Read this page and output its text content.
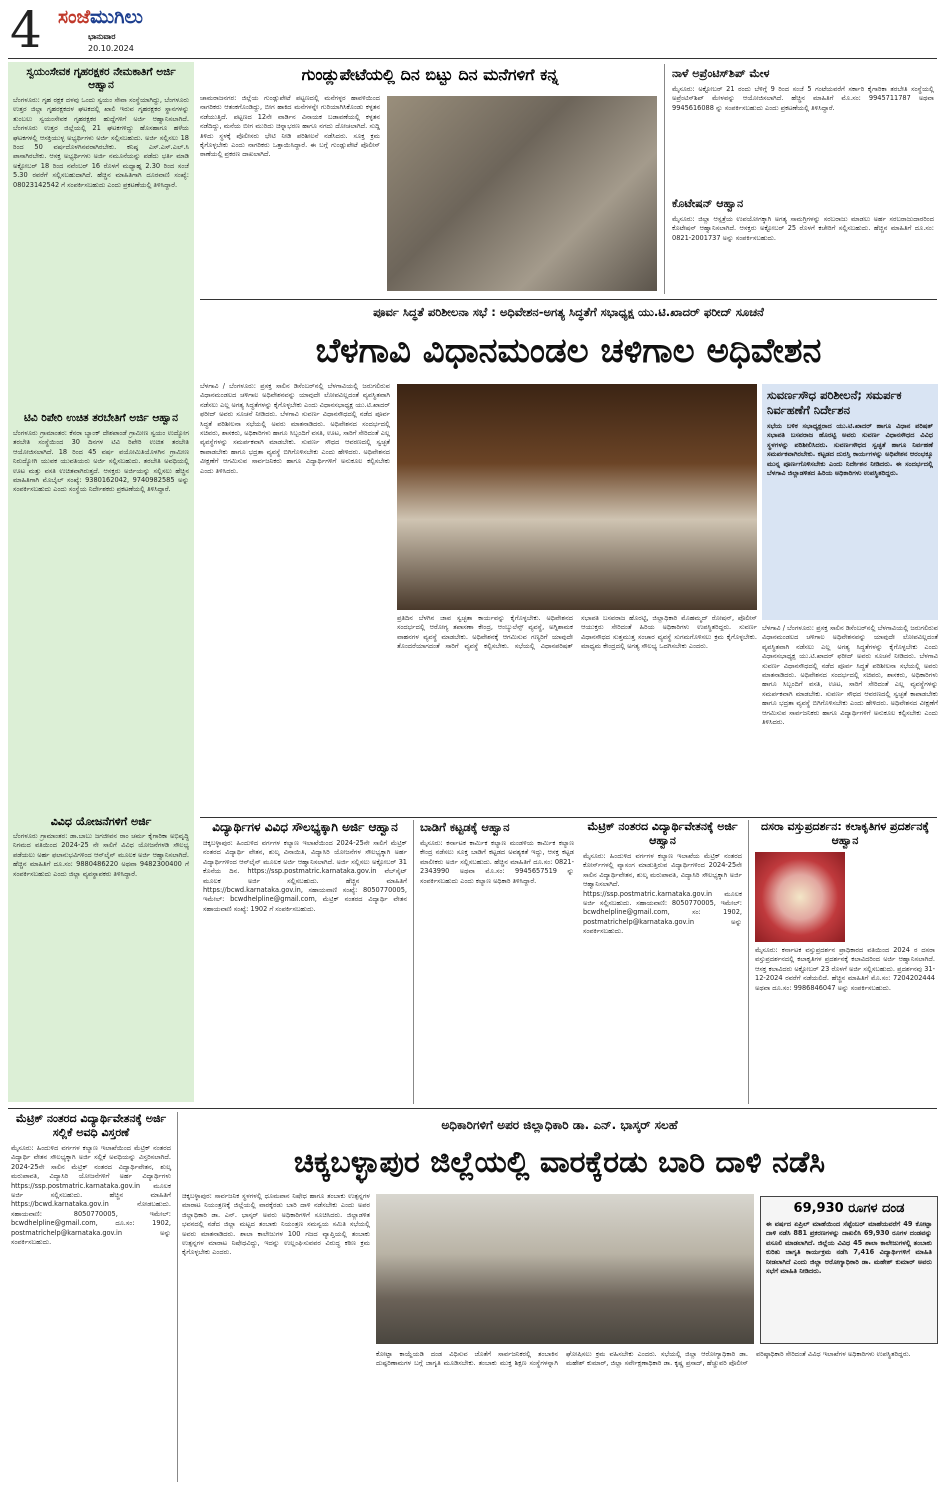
4 ಸಂಜೆಮುಗಿಲು
ಭಾನುವಾರ
20.10.2024
ಸ್ವಯಂಸೇವಕ ಗೃಹರಕ್ಷಕರ ನೇಮಕಾತಿಗೆ ಅರ್ಜಿ ಆಹ್ವಾನ
ಬೆಂಗಳೂರು: ಗೃಹ ರಕ್ಷಕ ದಳವು ಒಂದು ಸ್ವಯಂ ಸೇವಾ ಸಂಸ್ಥೆಯಾಗಿದ್ದು, ಬೆಂಗಳೂರು ಉತ್ತರ ಜಿಲ್ಲಾ ಗೃಹರಕ್ಷಕದಳ ಘಟಕದಲ್ಲಿ ಖಾಲಿ ಇರುವ ಗೃಹರಕ್ಷಕರ ಸ್ಥಾನಗಳನ್ನು ತುಂಬಲು ಸ್ವಯಂಸೇವಕ ಗೃಹರಕ್ಷಕರ ಹುದ್ದೆಗಳಿಗೆ ಅರ್ಜಿ ಆಹ್ವಾನಿಸಲಾಗಿದೆ. ಬೆಂಗಳೂರು ಉತ್ತರ ಜಿಲ್ಲೆಯಲ್ಲಿ 21 ಘಟಕಗಳಿದ್ದು ಹೊಸಹಾಗೂ ಹಳೆಯ ಘಟಕಗಳಲ್ಲಿ ಆಸಕ್ತಿಯುಳ್ಳ ಅಭ್ಯರ್ಥಿಗಳು ಅರ್ಜಿ ಸಲ್ಲಿಸಬಹುದು. ಅರ್ಜಿ ಸಲ್ಲಿಸಲು 18 ರಿಂದ 50 ವರ್ಷದೊಳಗಿನವರಾಗಿರಬೇಕು. ಕನಿಷ್ಠ ಎಸ್.ಎಸ್.ಎಲ್.ಸಿ ಪಾಸಾಗಿರಬೇಕು. ಆಸಕ್ತ ಅಭ್ಯರ್ಥಿಗಳು ಅರ್ಜಿ ನಮೂನೆಯನ್ನು ಪಡೆದು ಭರ್ತಿ ಮಾಡಿ ಅಕ್ಟೋಬರ್ 18 ರಿಂದ ನವೆಂಬರ್ 16 ರೊಳಗೆ ಮಧ್ಯಾಹ್ನ 2.30 ರಿಂದ ಸಂಜೆ 5.30 ರವರೆಗೆ ಸಲ್ಲಿಸಬಹುದಾಗಿದೆ. ಹೆಚ್ಚಿನ ಮಾಹಿತಿಗಾಗಿ ದೂರವಾಣಿ ಸಂಖ್ಯೆ: 08023142542 ಗೆ ಸಂಪರ್ಕಿಸಬಹುದು ಎಂದು ಪ್ರಕಟಣೆಯಲ್ಲಿ ತಿಳಿಸಿದ್ದಾರೆ.
ಟಿವಿ ರಿಪೇರಿ ಉಚಿತ ತರಬೇತಿಗೆ ಅರ್ಜಿ ಆಹ್ವಾನ
ಬೆಂಗಳೂರು ಗ್ರಾಮಾಂತರ: ಕೆನರಾ ಬ್ಯಾಂಕ್ ದೇಶಪಾಂಡೆ ಗ್ರಾಮೀಣ ಸ್ವಯಂ ಉದ್ಯೋಗ ತರಬೇತಿ ಸಂಸ್ಥೆಯಿಂದ 30 ದಿನಗಳ ಟಿವಿ ರಿಪೇರಿ ಉಚಿತ ತರಬೇತಿ ಆಯೋಜಿಸಲಾಗಿದೆ. 18 ರಿಂದ 45 ವರ್ಷ ವಯೋಮಿತಿಯೊಳಗಿನ ಗ್ರಾಮೀಣ ನಿರುದ್ಯೋಗಿ ಯುವಕ ಯುವತಿಯರು ಅರ್ಜಿ ಸಲ್ಲಿಸಬಹುದು. ತರಬೇತಿ ಅವಧಿಯಲ್ಲಿ ಊಟ ಮತ್ತು ವಸತಿ ಉಚಿತವಾಗಿರುತ್ತದೆ. ಆಸಕ್ತರು ಅರ್ಜಿಯನ್ನು ಸಲ್ಲಿಸಲು ಹೆಚ್ಚಿನ ಮಾಹಿತಿಗಾಗಿ ಮೊಬೈಲ್ ಸಂಖ್ಯೆ: 9380162042, 9740982585 ಅನ್ನು ಸಂಪರ್ಕಿಸಬಹುದು ಎಂದು ಸಂಸ್ಥೆಯ ನಿರ್ದೇಶಕರು ಪ್ರಕಟಣೆಯಲ್ಲಿ ತಿಳಿಸಿದ್ದಾರೆ.
ವಿವಿಧ ಯೋಜನೆಗಳಿಗೆ ಅರ್ಜಿ
ಬೆಂಗಳೂರು ಗ್ರಾಮಾಂತರ: ಡಾ.ಬಾಬು ಜಗಜೀವನ ರಾಂ ಚರ್ಮ ಕೈಗಾರಿಕಾ ಅಭಿವೃದ್ಧಿ ನಿಗಮದ ವತಿಯಿಂದ 2024-25 ನೇ ಸಾಲಿಗೆ ವಿವಿಧ ಯೋಜನೆಗಳಡಿ ಸೌಲಭ್ಯ ಪಡೆಯಲು ಅರ್ಹ ಫಲಾನುಭವಿಗಳಿಂದ ಆನ್‌ಲೈನ್ ಮೂಲಕ ಅರ್ಜಿ ಆಹ್ವಾನಿಸಲಾಗಿದೆ. ಹೆಚ್ಚಿನ ಮಾಹಿತಿಗೆ ದೂ.ಸಂ: 9880486220 ಅಥವಾ 9482300400 ಗೆ ಸಂಪರ್ಕಿಸಬಹುದು ಎಂದು ಜಿಲ್ಲಾ ವ್ಯವಸ್ಥಾಪಕರು ತಿಳಿಸಿದ್ದಾರೆ.
ಗುಂಡ್ಲುಪೇಟೆಯಲ್ಲಿ ದಿನ ಬಿಟ್ಟು ದಿನ ಮನೆಗಳಿಗೆ ಕನ್ನ
ಚಾಮರಾಜನಗರ: ಜಿಲ್ಲೆಯ ಗುಂಡ್ಲುಪೇಟೆ ಪಟ್ಟಣದಲ್ಲಿ ಮನೆಗಳ್ಳರ ಹಾವಳಿಯಿಂದ ನಾಗರಿಕರು ಆತಂಕಗೊಂಡಿದ್ದು, ಬೀಗ ಹಾಕಿದ ಮನೆಗಳನ್ನೇ ಗುರಿಯಾಗಿಸಿಕೊಂಡು ಕಳ್ಳತನ ನಡೆಯುತ್ತಿದೆ. ಪಟ್ಟಣದ 12ನೇ ವಾರ್ಡಿನ ವಿನಾಯಕ ಬಡಾವಣೆಯಲ್ಲಿ ಕಳ್ಳತನ ನಡೆದಿದ್ದು, ಮನೆಯ ಬೀಗ ಮುರಿದು ಚಿನ್ನಾಭರಣ ಹಾಗೂ ನಗದು ದೋಚಲಾಗಿದೆ. ಸುದ್ದಿ ತಿಳಿದು ಸ್ಥಳಕ್ಕೆ ಪೊಲೀಸರು ಭೇಟಿ ನೀಡಿ ಪರಿಶೀಲನೆ ನಡೆಸಿದರು. ಸೂಕ್ತ ಕ್ರಮ ಕೈಗೊಳ್ಳಬೇಕು ಎಂದು ನಾಗರಿಕರು ಒತ್ತಾಯಿಸಿದ್ದಾರೆ. ಈ ಬಗ್ಗೆ ಗುಂಡ್ಲುಪೇಟೆ ಪೊಲೀಸ್ ಠಾಣೆಯಲ್ಲಿ ಪ್ರಕರಣ ದಾಖಲಾಗಿದೆ.
ನಾಳೆ ಅಪ್ರೆಂಟಿಸ್‌ಶಿಪ್ ಮೇಳ
ಮೈಸೂರು: ಅಕ್ಟೋಬರ್ 21 ರಂದು ಬೆಳಿಗ್ಗೆ 9 ರಿಂದ ಸಂಜೆ 5 ಗಂಟೆಯವರೆಗೆ ಸರ್ಕಾರಿ ಕೈಗಾರಿಕಾ ತರಬೇತಿ ಸಂಸ್ಥೆಯಲ್ಲಿ ಅಪ್ರೆಂಟಿಸ್‌ಶಿಪ್ ಮೇಳವನ್ನು ಆಯೋಜಿಸಲಾಗಿದೆ. ಹೆಚ್ಚಿನ ಮಾಹಿತಿಗೆ ಮೊ.ಸಂ: 9945711787 ಅಥವಾ 9945616088 ನ್ನು ಸಂಪರ್ಕಿಸಬಹುದು ಎಂದು ಪ್ರಕಟಣೆಯಲ್ಲಿ ತಿಳಿಸಿದ್ದಾರೆ.
ಕೊಟೇಷನ್ ಆಹ್ವಾನ
ಮೈಸೂರು: ಜಿಲ್ಲಾ ಆಸ್ಪತ್ರೆಯ ಉಪಯೋಗಕ್ಕಾಗಿ ಅಗತ್ಯ ಸಾಮಗ್ರಿಗಳನ್ನು ಸರಬರಾಜು ಮಾಡಲು ಅರ್ಹ ಸರಬರಾಜುದಾರರಿಂದ ಕೊಟೇಷನ್ ಆಹ್ವಾನಿಸಲಾಗಿದೆ. ಆಸಕ್ತರು ಅಕ್ಟೋಬರ್ 25 ರೊಳಗೆ ಕಚೇರಿಗೆ ಸಲ್ಲಿಸಬಹುದು. ಹೆಚ್ಚಿನ ಮಾಹಿತಿಗೆ ದೂ.ಸಂ: 0821-2001737 ಅನ್ನು ಸಂಪರ್ಕಿಸಬಹುದು.
ಪೂರ್ವ ಸಿದ್ಧತೆ ಪರಿಶೀಲನಾ ಸಭೆ : ಅಧಿವೇಶನ-ಅಗತ್ಯ ಸಿದ್ಧತೆಗೆ ಸಭಾಧ್ಯಕ್ಷ ಯು.ಟಿ.ಖಾದರ್ ಫರೀದ್ ಸೂಚನೆ
ಬೆಳಗಾವಿ ವಿಧಾನಮಂಡಲ ಚಳಿಗಾಲ ಅಧಿವೇಶನ
ಬೆಳಗಾವಿ / ಬೆಂಗಳೂರು: ಪ್ರಸಕ್ತ ಸಾಲಿನ ಡಿಸೆಂಬರ್‌ನಲ್ಲಿ ಬೆಳಗಾವಿಯಲ್ಲಿ ಜರುಗಲಿರುವ ವಿಧಾನಮಂಡಲದ ಚಳಿಗಾಲ ಅಧಿವೇಶನವನ್ನು ಯಾವುದೇ ಲೋಪವಿಲ್ಲದಂತೆ ವ್ಯವಸ್ಥಿತವಾಗಿ ನಡೆಸಲು ಎಲ್ಲ ಅಗತ್ಯ ಸಿದ್ಧತೆಗಳನ್ನು ಕೈಗೊಳ್ಳಬೇಕು ಎಂದು ವಿಧಾನಸಭಾಧ್ಯಕ್ಷ ಯು.ಟಿ.ಖಾದರ್ ಫರೀದ್ ಅವರು ಸೂಚನೆ ನೀಡಿದರು. ಬೆಳಗಾವಿ ಸುವರ್ಣ ವಿಧಾನಸೌಧದಲ್ಲಿ ನಡೆದ ಪೂರ್ವ ಸಿದ್ಧತೆ ಪರಿಶೀಲನಾ ಸಭೆಯಲ್ಲಿ ಅವರು ಮಾತನಾಡಿದರು. ಅಧಿವೇಶನದ ಸಂದರ್ಭದಲ್ಲಿ ಸಚಿವರು, ಶಾಸಕರು, ಅಧಿಕಾರಿಗಳು ಹಾಗೂ ಸಿಬ್ಬಂದಿಗೆ ವಸತಿ, ಊಟ, ಸಾರಿಗೆ ಸೇರಿದಂತೆ ಎಲ್ಲ ವ್ಯವಸ್ಥೆಗಳನ್ನು ಸಮರ್ಪಕವಾಗಿ ಮಾಡಬೇಕು. ಸುವರ್ಣ ಸೌಧದ ಆವರಣದಲ್ಲಿ ಸ್ವಚ್ಛತೆ ಕಾಪಾಡಬೇಕು ಹಾಗೂ ಭದ್ರತಾ ವ್ಯವಸ್ಥೆ ಬಿಗಿಗೊಳಿಸಬೇಕು ಎಂದು ಹೇಳಿದರು. ಅಧಿವೇಶನದ ವೀಕ್ಷಣೆಗೆ ಆಗಮಿಸುವ ಸಾರ್ವಜನಿಕರು ಹಾಗೂ ವಿದ್ಯಾರ್ಥಿಗಳಿಗೆ ಅನುಕೂಲ ಕಲ್ಪಿಸಬೇಕು ಎಂದು ತಿಳಿಸಿದರು.
ಪ್ರತಿದಿನ ಬೆಳಗಿನ ಜಾವ ಸ್ವಚ್ಛತಾ ಕಾರ್ಯವನ್ನು ಕೈಗೊಳ್ಳಬೇಕು. ಅಧಿವೇಶನದ ಸಂದರ್ಭದಲ್ಲಿ ಆರೋಗ್ಯ ತಪಾಸಣಾ ಕೇಂದ್ರ, ಆಂಬ್ಯುಲೆನ್ಸ್ ವ್ಯವಸ್ಥೆ, ಅಗ್ನಿಶಾಮಕ ವಾಹನಗಳ ವ್ಯವಸ್ಥೆ ಮಾಡಬೇಕು. ಅಧಿವೇಶನಕ್ಕೆ ಆಗಮಿಸುವ ಗಣ್ಯರಿಗೆ ಯಾವುದೇ ತೊಂದರೆಯಾಗದಂತೆ ಸಾರಿಗೆ ವ್ಯವಸ್ಥೆ ಕಲ್ಪಿಸಬೇಕು. ಸಭೆಯಲ್ಲಿ ವಿಧಾನಪರಿಷತ್ ಸಭಾಪತಿ ಬಸವರಾಜ ಹೊರಟ್ಟಿ, ಜಿಲ್ಲಾಧಿಕಾರಿ ಮೊಹಮ್ಮದ್ ರೋಷನ್, ಪೊಲೀಸ್ ಆಯುಕ್ತರು ಸೇರಿದಂತೆ ಹಿರಿಯ ಅಧಿಕಾರಿಗಳು ಉಪಸ್ಥಿತರಿದ್ದರು. ಸುವರ್ಣ ವಿಧಾನಸೌಧದ ಸುತ್ತಮುತ್ತ ಸಂಚಾರ ವ್ಯವಸ್ಥೆ ಸುಗಮಗೊಳಿಸಲು ಕ್ರಮ ಕೈಗೊಳ್ಳಬೇಕು. ಮಾಧ್ಯಮ ಕೇಂದ್ರದಲ್ಲಿ ಅಗತ್ಯ ಸೌಲಭ್ಯ ಒದಗಿಸಬೇಕು ಎಂದರು.
ಸುವರ್ಣಸೌಧ ಪರಿಶೀಲನೆ; ಸಮರ್ಪಕ ನಿರ್ವಹಣೆಗೆ ನಿರ್ದೇಶನ
ಸಭೆಯ ಬಳಿಕ ಸಭಾಧ್ಯಕ್ಷರಾದ ಯು.ಟಿ.ಖಾದರ್ ಹಾಗೂ ವಿಧಾನ ಪರಿಷತ್ ಸಭಾಪತಿ ಬಸವರಾಜ ಹೊರಟ್ಟಿ ಅವರು ಸುವರ್ಣ ವಿಧಾನಸೌಧದ ವಿವಿಧ ಸ್ಥಳಗಳನ್ನು ಪರಿಶೀಲಿಸಿದರು. ಸುವರ್ಣಸೌಧದ ಸ್ವಚ್ಛತೆ ಹಾಗೂ ನಿರ್ವಹಣೆ ಸಮರ್ಪಕವಾಗಿರಬೇಕು. ಕಟ್ಟಡದ ದುರಸ್ತಿ ಕಾರ್ಯಗಳನ್ನು ಅಧಿವೇಶನ ಆರಂಭಕ್ಕೂ ಮುನ್ನ ಪೂರ್ಣಗೊಳಿಸಬೇಕು ಎಂದು ನಿರ್ದೇಶನ ನೀಡಿದರು. ಈ ಸಂದರ್ಭದಲ್ಲಿ ಬೆಳಗಾವಿ ಜಿಲ್ಲಾಡಳಿತದ ಹಿರಿಯ ಅಧಿಕಾರಿಗಳು ಉಪಸ್ಥಿತರಿದ್ದರು.
ಬೆಳಗಾವಿ / ಬೆಂಗಳೂರು: ಪ್ರಸಕ್ತ ಸಾಲಿನ ಡಿಸೆಂಬರ್‌ನಲ್ಲಿ ಬೆಳಗಾವಿಯಲ್ಲಿ ಜರುಗಲಿರುವ ವಿಧಾನಮಂಡಲದ ಚಳಿಗಾಲ ಅಧಿವೇಶನವನ್ನು ಯಾವುದೇ ಲೋಪವಿಲ್ಲದಂತೆ ವ್ಯವಸ್ಥಿತವಾಗಿ ನಡೆಸಲು ಎಲ್ಲ ಅಗತ್ಯ ಸಿದ್ಧತೆಗಳನ್ನು ಕೈಗೊಳ್ಳಬೇಕು ಎಂದು ವಿಧಾನಸಭಾಧ್ಯಕ್ಷ ಯು.ಟಿ.ಖಾದರ್ ಫರೀದ್ ಅವರು ಸೂಚನೆ ನೀಡಿದರು. ಬೆಳಗಾವಿ ಸುವರ್ಣ ವಿಧಾನಸೌಧದಲ್ಲಿ ನಡೆದ ಪೂರ್ವ ಸಿದ್ಧತೆ ಪರಿಶೀಲನಾ ಸಭೆಯಲ್ಲಿ ಅವರು ಮಾತನಾಡಿದರು. ಅಧಿವೇಶನದ ಸಂದರ್ಭದಲ್ಲಿ ಸಚಿವರು, ಶಾಸಕರು, ಅಧಿಕಾರಿಗಳು ಹಾಗೂ ಸಿಬ್ಬಂದಿಗೆ ವಸತಿ, ಊಟ, ಸಾರಿಗೆ ಸೇರಿದಂತೆ ಎಲ್ಲ ವ್ಯವಸ್ಥೆಗಳನ್ನು ಸಮರ್ಪಕವಾಗಿ ಮಾಡಬೇಕು. ಸುವರ್ಣ ಸೌಧದ ಆವರಣದಲ್ಲಿ ಸ್ವಚ್ಛತೆ ಕಾಪಾಡಬೇಕು ಹಾಗೂ ಭದ್ರತಾ ವ್ಯವಸ್ಥೆ ಬಿಗಿಗೊಳಿಸಬೇಕು ಎಂದು ಹೇಳಿದರು. ಅಧಿವೇಶನದ ವೀಕ್ಷಣೆಗೆ ಆಗಮಿಸುವ ಸಾರ್ವಜನಿಕರು ಹಾಗೂ ವಿದ್ಯಾರ್ಥಿಗಳಿಗೆ ಅನುಕೂಲ ಕಲ್ಪಿಸಬೇಕು ಎಂದು ತಿಳಿಸಿದರು.
ವಿದ್ಯಾರ್ಥಿಗಳ ವಿವಿಧ ಸೌಲಭ್ಯಕ್ಕಾಗಿ ಅರ್ಜಿ ಆಹ್ವಾನ
ಚಿಕ್ಕಬಳ್ಳಾಪುರ: ಹಿಂದುಳಿದ ವರ್ಗಗಳ ಕಲ್ಯಾಣ ಇಲಾಖೆಯಿಂದ 2024-25ನೇ ಸಾಲಿಗೆ ಮೆಟ್ರಿಕ್ ನಂತರದ ವಿದ್ಯಾರ್ಥಿ ವೇತನ, ಶುಲ್ಕ ವಿನಾಯಿತಿ, ವಿದ್ಯಾಸಿರಿ ಯೋಜನೆಗಳ ಸೌಲಭ್ಯಕ್ಕಾಗಿ ಅರ್ಹ ವಿದ್ಯಾರ್ಥಿಗಳಿಂದ ಆನ್‌ಲೈನ್ ಮೂಲಕ ಅರ್ಜಿ ಆಹ್ವಾನಿಸಲಾಗಿದೆ. ಅರ್ಜಿ ಸಲ್ಲಿಸಲು ಅಕ್ಟೋಬರ್ 31 ಕೊನೆಯ ದಿನ. https://ssp.postmatric.karnataka.gov.in ವೆಬ್‌ಸೈಟ್ ಮೂಲಕ ಅರ್ಜಿ ಸಲ್ಲಿಸಬಹುದು. ಹೆಚ್ಚಿನ ಮಾಹಿತಿಗೆ https://bcwd.karnataka.gov.in, ಸಹಾಯವಾಣಿ ಸಂಖ್ಯೆ: 8050770005, ಇಮೇಲ್: bcwdhelpline@gmail.com, ಮೆಟ್ರಿಕ್ ನಂತರದ ವಿದ್ಯಾರ್ಥಿ ವೇತನ ಸಹಾಯವಾಣಿ ಸಂಖ್ಯೆ: 1902 ಗೆ ಸಂಪರ್ಕಿಸಬಹುದು.
ಬಾಡಿಗೆ ಕಟ್ಟಡಕ್ಕೆ ಆಹ್ವಾನ
ಮೈಸೂರು: ಕರ್ನಾಟಕ ಕಾರ್ಮಿಕ ಕಲ್ಯಾಣ ಮಂಡಳಿಯ ಕಾರ್ಮಿಕ ಕಲ್ಯಾಣ ಕೇಂದ್ರ ನಡೆಸಲು ಸೂಕ್ತ ಬಾಡಿಗೆ ಕಟ್ಟಡದ ಅವಶ್ಯಕತೆ ಇದ್ದು, ಆಸಕ್ತ ಕಟ್ಟಡ ಮಾಲೀಕರು ಅರ್ಜಿ ಸಲ್ಲಿಸಬಹುದು. ಹೆಚ್ಚಿನ ಮಾಹಿತಿಗೆ ದೂ.ಸಂ: 0821-2343990 ಅಥವಾ ಮೊ.ಸಂ: 9945657519 ನ್ನು ಸಂಪರ್ಕಿಸಬಹುದು ಎಂದು ಕಲ್ಯಾಣ ಅಧಿಕಾರಿ ತಿಳಿಸಿದ್ದಾರೆ.
ಮೆಟ್ರಿಕ್ ನಂತರದ ವಿದ್ಯಾರ್ಥಿವೇತನಕ್ಕೆ ಅರ್ಜಿ ಆಹ್ವಾನ
ಮೈಸೂರು: ಹಿಂದುಳಿದ ವರ್ಗಗಳ ಕಲ್ಯಾಣ ಇಲಾಖೆಯ ಮೆಟ್ರಿಕ್ ನಂತರದ ಕೋರ್ಸ್‌ಗಳಲ್ಲಿ ವ್ಯಾಸಂಗ ಮಾಡುತ್ತಿರುವ ವಿದ್ಯಾರ್ಥಿಗಳಿಂದ 2024-25ನೇ ಸಾಲಿನ ವಿದ್ಯಾರ್ಥಿವೇತನ, ಶುಲ್ಕ ಮರುಪಾವತಿ, ವಿದ್ಯಾಸಿರಿ ಸೌಲಭ್ಯಕ್ಕಾಗಿ ಅರ್ಜಿ ಆಹ್ವಾನಿಸಲಾಗಿದೆ. https://ssp.postmatric.karnataka.gov.in ಮೂಲಕ ಅರ್ಜಿ ಸಲ್ಲಿಸಬಹುದು. ಸಹಾಯವಾಣಿ: 8050770005, ಇಮೇಲ್: bcwdhelpline@gmail.com, ಸಂ: 1902, postmatrichelp@karnataka.gov.in ಅನ್ನು ಸಂಪರ್ಕಿಸಬಹುದು.
ದಸರಾ ವಸ್ತುಪ್ರದರ್ಶನ: ಕಲಾಕೃತಿಗಳ ಪ್ರದರ್ಶನಕ್ಕೆ ಆಹ್ವಾನ
ಮೈಸೂರು: ಕರ್ನಾಟಕ ವಸ್ತುಪ್ರದರ್ಶನ ಪ್ರಾಧಿಕಾರದ ವತಿಯಿಂದ 2024 ರ ದಸರಾ ವಸ್ತುಪ್ರದರ್ಶನದಲ್ಲಿ ಕಲಾಕೃತಿಗಳ ಪ್ರದರ್ಶನಕ್ಕೆ ಕಲಾವಿದರಿಂದ ಅರ್ಜಿ ಆಹ್ವಾನಿಸಲಾಗಿದೆ. ಆಸಕ್ತ ಕಲಾವಿದರು ಅಕ್ಟೋಬರ್ 23 ರೊಳಗೆ ಅರ್ಜಿ ಸಲ್ಲಿಸಬಹುದು. ಪ್ರದರ್ಶನವು 31-12-2024 ರವರೆಗೆ ನಡೆಯಲಿದೆ. ಹೆಚ್ಚಿನ ಮಾಹಿತಿಗೆ ಮೊ.ಸಂ: 7204202444 ಅಥವಾ ದೂ.ಸಂ: 9986846047 ಅನ್ನು ಸಂಪರ್ಕಿಸಬಹುದು.
ಮೆಟ್ರಿಕ್ ನಂತರದ ವಿದ್ಯಾರ್ಥಿವೇತನಕ್ಕೆ ಅರ್ಜಿ ಸಲ್ಲಿಕೆ ಅವಧಿ ವಿಸ್ತರಣೆ
ಮೈಸೂರು: ಹಿಂದುಳಿದ ವರ್ಗಗಳ ಕಲ್ಯಾಣ ಇಲಾಖೆಯಿಂದ ಮೆಟ್ರಿಕ್ ನಂತರದ ವಿದ್ಯಾರ್ಥಿ ವೇತನ ಸೌಲಭ್ಯಕ್ಕಾಗಿ ಅರ್ಜಿ ಸಲ್ಲಿಕೆ ಅವಧಿಯನ್ನು ವಿಸ್ತರಿಸಲಾಗಿದೆ. 2024-25ನೇ ಸಾಲಿನ ಮೆಟ್ರಿಕ್ ನಂತರದ ವಿದ್ಯಾರ್ಥಿವೇತನ, ಶುಲ್ಕ ಮರುಪಾವತಿ, ವಿದ್ಯಾಸಿರಿ ಯೋಜನೆಗಳಿಗೆ ಅರ್ಹ ವಿದ್ಯಾರ್ಥಿಗಳು https://ssp.postmatric.karnataka.gov.in ಮೂಲಕ ಅರ್ಜಿ ಸಲ್ಲಿಸಬಹುದು. ಹೆಚ್ಚಿನ ಮಾಹಿತಿಗೆ https://bcwd.karnataka.gov.in ನೋಡಬಹುದು. ಸಹಾಯವಾಣಿ: 8050770005, ಇಮೇಲ್: bcwdhelpline@gmail.com, ದೂ.ಸಂ: 1902, postmatrichelp@karnataka.gov.in ಅನ್ನು ಸಂಪರ್ಕಿಸಬಹುದು.
ಅಧಿಕಾರಿಗಳಿಗೆ ಅಪರ ಜಿಲ್ಲಾಧಿಕಾರಿ ಡಾ. ಎನ್. ಭಾಸ್ಕರ್ ಸಲಹೆ
ಚಿಕ್ಕಬಳ್ಳಾಪುರ ಜಿಲ್ಲೆಯಲ್ಲಿ ವಾರಕ್ಕೆರಡು ಬಾರಿ ದಾಳಿ ನಡೆಸಿ
ಚಿಕ್ಕಬಳ್ಳಾಪುರ: ಸಾರ್ವಜನಿಕ ಸ್ಥಳಗಳಲ್ಲಿ ಧೂಮಪಾನ ನಿಷೇಧ ಹಾಗೂ ತಂಬಾಕು ಉತ್ಪನ್ನಗಳ ಮಾರಾಟ ನಿಯಂತ್ರಣಕ್ಕೆ ಜಿಲ್ಲೆಯಲ್ಲಿ ವಾರಕ್ಕೆರಡು ಬಾರಿ ದಾಳಿ ನಡೆಸಬೇಕು ಎಂದು ಅಪರ ಜಿಲ್ಲಾಧಿಕಾರಿ ಡಾ. ಎನ್. ಭಾಸ್ಕರ್ ಅವರು ಅಧಿಕಾರಿಗಳಿಗೆ ಸೂಚಿಸಿದರು. ಜಿಲ್ಲಾಡಳಿತ ಭವನದಲ್ಲಿ ನಡೆದ ಜಿಲ್ಲಾ ಮಟ್ಟದ ತಂಬಾಕು ನಿಯಂತ್ರಣ ಸಮನ್ವಯ ಸಮಿತಿ ಸಭೆಯಲ್ಲಿ ಅವರು ಮಾತನಾಡಿದರು. ಶಾಲಾ ಕಾಲೇಜುಗಳ 100 ಗಜದ ವ್ಯಾಪ್ತಿಯಲ್ಲಿ ತಂಬಾಕು ಉತ್ಪನ್ನಗಳ ಮಾರಾಟ ನಿಷೇಧವಿದ್ದು, ಇದನ್ನು ಉಲ್ಲಂಘಿಸುವವರ ವಿರುದ್ಧ ಕಠಿಣ ಕ್ರಮ ಕೈಗೊಳ್ಳಬೇಕು ಎಂದರು.
ಕೋಟ್ಪಾ ಕಾಯ್ದೆಯಡಿ ದಂಡ ವಿಧಿಸುವ ಜೊತೆಗೆ ಸಾರ್ವಜನಿಕರಲ್ಲಿ ತಂಬಾಕಿನ ದುಷ್ಪರಿಣಾಮಗಳ ಬಗ್ಗೆ ಜಾಗೃತಿ ಮೂಡಿಸಬೇಕು. ತಂಬಾಕು ಮುಕ್ತ ಶಿಕ್ಷಣ ಸಂಸ್ಥೆಗಳನ್ನಾಗಿ ಘೋಷಿಸಲು ಕ್ರಮ ವಹಿಸಬೇಕು ಎಂದರು. ಸಭೆಯಲ್ಲಿ ಜಿಲ್ಲಾ ಆರೋಗ್ಯಾಧಿಕಾರಿ ಡಾ. ಮಹೇಶ್ ಕುಮಾರ್, ಜಿಲ್ಲಾ ಸರ್ವೇಕ್ಷಣಾಧಿಕಾರಿ ಡಾ. ಕೃಷ್ಣ ಪ್ರಸಾದ್, ಹೆಚ್ಚುವರಿ ಪೊಲೀಸ್ ವರಿಷ್ಠಾಧಿಕಾರಿ ಸೇರಿದಂತೆ ವಿವಿಧ ಇಲಾಖೆಗಳ ಅಧಿಕಾರಿಗಳು ಉಪಸ್ಥಿತರಿದ್ದರು.
69,930 ರೂಗಳ ದಂಡ
ಈ ವರ್ಷದ ಏಪ್ರಿಲ್ ಮಾಹೆಯಿಂದ ಸೆಪ್ಟೆಂಬರ್ ಮಾಹೆಯವರೆಗೆ 49 ಕೋಟ್ಪಾ ದಾಳಿ ನಡೆಸಿ 881 ಪ್ರಕರಣಗಳನ್ನು ದಾಖಲಿಸಿ 69,930 ರೂಗಳ ದಂಡವನ್ನು ವಸೂಲಿ ಮಾಡಲಾಗಿದೆ. ಜಿಲ್ಲೆಯ ವಿವಿಧ 45 ಶಾಲಾ ಕಾಲೇಜುಗಳಲ್ಲಿ ತಂಬಾಕು ಕುರಿತು ಜಾಗೃತಿ ಕಾರ್ಯಕ್ರಮ ನಡೆಸಿ 7,416 ವಿದ್ಯಾರ್ಥಿಗಳಿಗೆ ಮಾಹಿತಿ ನೀಡಲಾಗಿದೆ ಎಂದು ಜಿಲ್ಲಾ ಆರೋಗ್ಯಾಧಿಕಾರಿ ಡಾ. ಮಹೇಶ್ ಕುಮಾರ್ ಅವರು ಸಭೆಗೆ ಮಾಹಿತಿ ನೀಡಿದರು.
